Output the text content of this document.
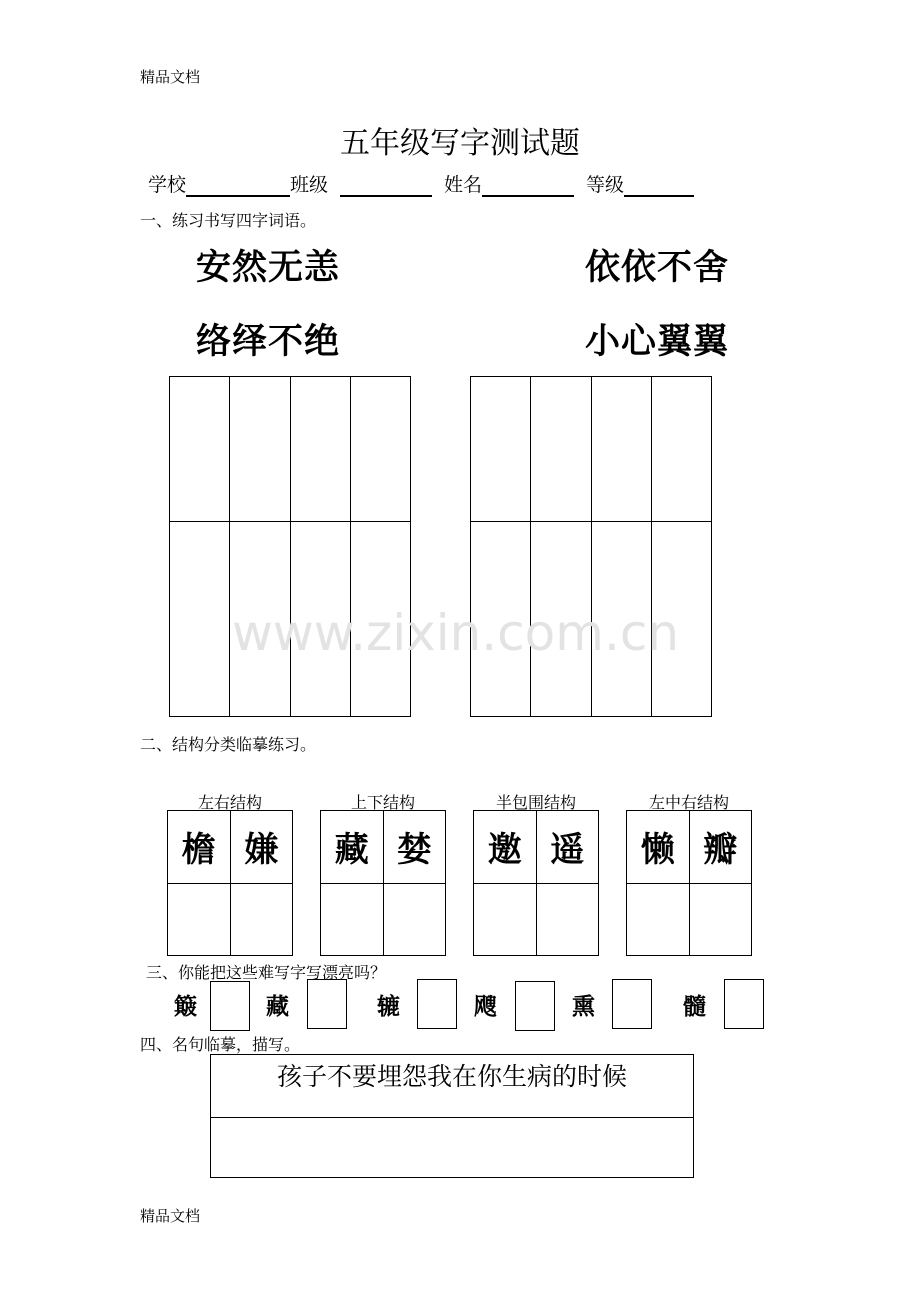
精品文档
五年级写字测试题
学校	班级	姓名	等级
一、练习书写四字词语。
安然无恙	依依不舍
络绎不绝	小心翼翼
www.zixin.com.cn
二、结构分类临摹练习。
左右结构	上下结构	半包围结构	左中右结构
檐 嫌	藏 婪	邀 遥	懒 瓣
三、你能把这些难写字写漂亮吗？
簸	藏	辘	飕	熏	髓
四、名句临摹，描写。
孩子不要埋怨我在你生病的时候
精品文档
